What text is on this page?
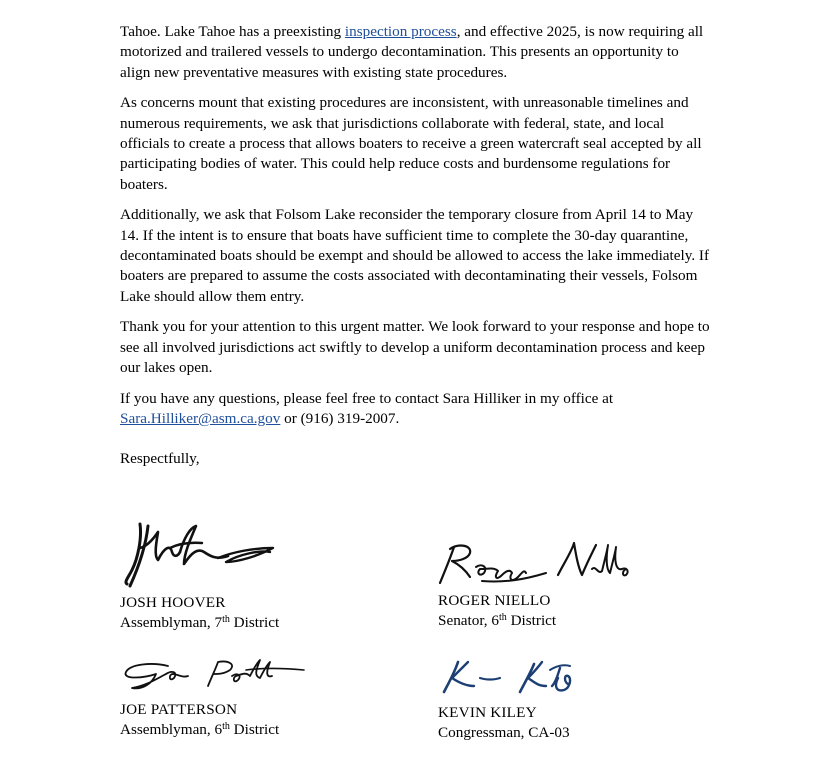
Tahoe. Lake Tahoe has a preexisting inspection process, and effective 2025, is now requiring all motorized and trailered vessels to undergo decontamination. This presents an opportunity to align new preventative measures with existing state procedures.

As concerns mount that existing procedures are inconsistent, with unreasonable timelines and numerous requirements, we ask that jurisdictions collaborate with federal, state, and local officials to create a process that allows boaters to receive a green watercraft seal accepted by all participating bodies of water. This could help reduce costs and burdensome regulations for boaters.

Additionally, we ask that Folsom Lake reconsider the temporary closure from April 14 to May 14. If the intent is to ensure that boats have sufficient time to complete the 30-day quarantine, decontaminated boats should be exempt and should be allowed to access the lake immediately. If boaters are prepared to assume the costs associated with decontaminating their vessels, Folsom Lake should allow them entry.

Thank you for your attention to this urgent matter. We look forward to your response and hope to see all involved jurisdictions act swiftly to develop a uniform decontamination process and keep our lakes open.

If you have any questions, please feel free to contact Sara Hilliker in my office at Sara.Hilliker@asm.ca.gov or (916) 319-2007.

Respectfully,

JOSH HOOVER
Assemblyman, 7th District
ROGER NIELLO
Senator, 6th District
JOE PATTERSON
Assemblyman, 6th District
KEVIN KILEY
Congressman, CA-03
